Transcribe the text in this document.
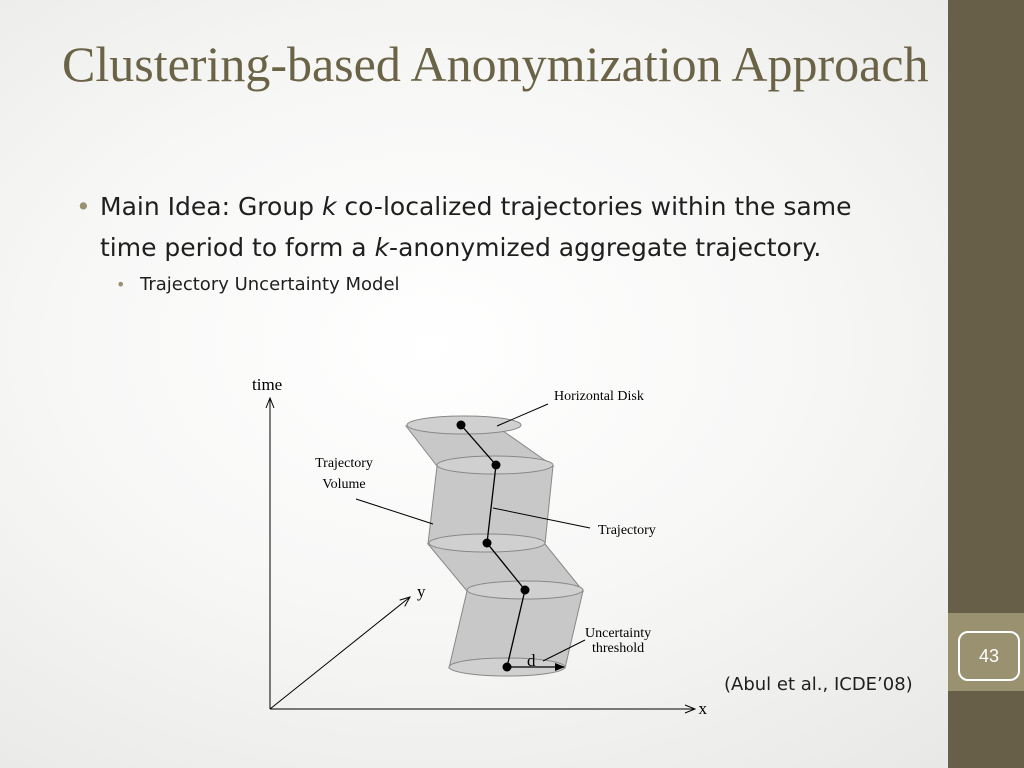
Clustering-based Anonymization Approach
43
• Main Idea: Group k co-localized trajectories within the same time period to form a k-anonymized aggregate trajectory.
• Trajectory Uncertainty Model
time
x
y
Horizontal Disk
Trajectory
Volume
Trajectory
Uncertainty
threshold
d
(Abul et al., ICDE’08)
